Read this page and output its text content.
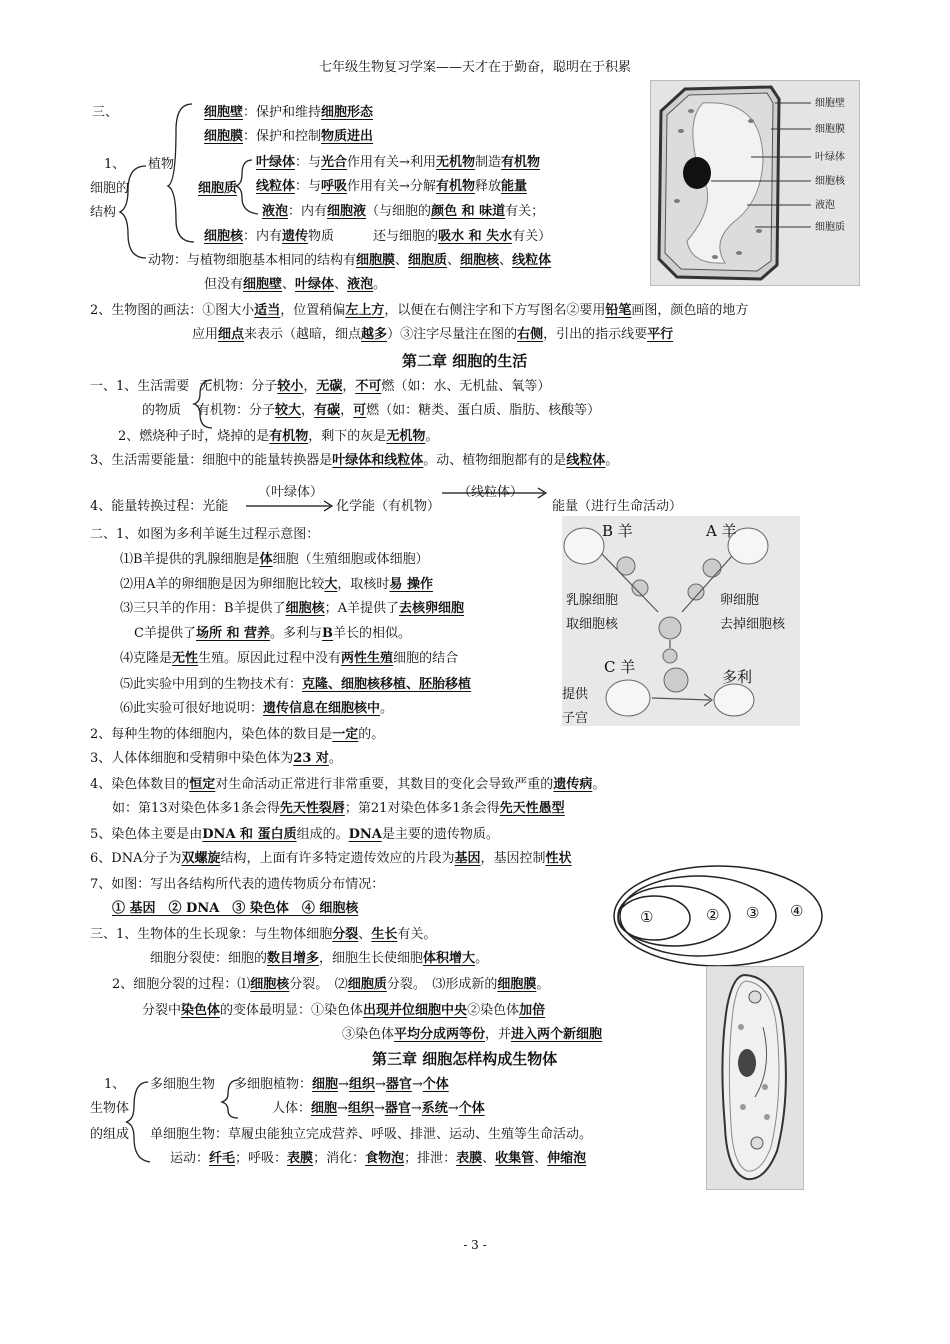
七年级生物复习学案——天才在于勤奋，聪明在于积累
三、
1、
细胞的
结构
植物
细胞质
细胞壁：保护和维持细胞形态
细胞膜：保护和控制物质进出
叶绿体：与光合作用有关→利用无机物制造有机物
线粒体：与呼吸作用有关→分解有机物释放能量
液泡：内有细胞液（与细胞的颜色 和 味道有关；
细胞核：内有遗传物质　　　还与细胞的吸水 和 失水有关）
动物：与植物细胞基本相同的结构有细胞膜、细胞质、细胞核、线粒体
但没有细胞壁、叶绿体、液泡。
2、生物图的画法：①图大小适当，位置稍偏左上方，以便在右侧注字和下方写图名②要用铅笔画图，颜色暗的地方
应用细点来表示（越暗，细点越多）③注字尽量注在图的右侧，引出的指示线要平行
细胞壁
细胞膜
叶绿体
细胞核
液泡
细胞质
第二章 细胞的生活
一、1、生活需要 无机物：分子较小，无碳，不可燃（如：水、无机盐、氧等）
的物质 有机物：分子较大，有碳，可燃（如：糖类、蛋白质、脂肪、核酸等）
2、燃烧种子时，烧掉的是有机物，剩下的灰是无机物。
3、生活需要能量：细胞中的能量转换器是叶绿体和线粒体。动、植物细胞都有的是线粒体。
4、能量转换过程：光能
（叶绿体）
化学能（有机物）
（线粒体）
能量（进行生命活动）
二、1、如图为多利羊诞生过程示意图：
⑴B羊提供的乳腺细胞是体细胞（生殖细胞或体细胞）
⑵用A羊的卵细胞是因为卵细胞比较大，取核时易 操作
⑶三只羊的作用：B羊提供了细胞核；A羊提供了去核卵细胞
C羊提供了场所 和 营养。多利与B羊长的相似。
⑷克隆是无性生殖。原因此过程中没有两性生殖细胞的结合
⑸此实验中用到的生物技术有：克隆、细胞核移植、胚胎移植
⑹此实验可很好地说明：遗传信息在细胞核中。
B 羊	A 羊
乳腺细胞
取细胞核
卵细胞
去掉细胞核
C 羊
多利
提供
子宫
2、每种生物的体细胞内，染色体的数目是一定的。
3、人体体细胞和受精卵中染色体为23 对。
4、染色体数目的恒定对生命活动正常进行非常重要，其数目的变化会导致严重的遗传病。
如：第13对染色体多1条会得先天性裂唇；第21对染色体多1条会得先天性愚型
5、染色体主要是由DNA 和 蛋白质组成的。DNA是主要的遗传物质。
6、DNA分子为双螺旋结构，上面有许多特定遗传效应的片段为基因，基因控制性状
7、如图：写出各结构所代表的遗传物质分布情况：
① 基因　② DNA　③ 染色体　④ 细胞核	①	② ③ ④
三、1、生物体的生长现象：与生物体细胞分裂、生长有关。
细胞分裂使：细胞的数目增多，细胞生长使细胞体积增大。
2、细胞分裂的过程：⑴细胞核分裂。　⑵细胞质分裂。　⑶形成新的细胞膜。
分裂中染色体的变体最明显：①染色体出现并位细胞中央②染色体加倍
③染色体平均分成两等份，并进入两个新细胞
第三章 细胞怎样构成生物体
1、
生物体
的组成
多细胞生物 多细胞植物：细胞→组织→器官→个体
人体：细胞→组织→器官→系统→个体
单细胞生物：草履虫能独立完成营养、呼吸、排泄、运动、生殖等生命活动。
运动：纤毛；呼吸：表膜；消化：食物泡；排泄：表膜、收集管、伸缩泡
- 3 -
